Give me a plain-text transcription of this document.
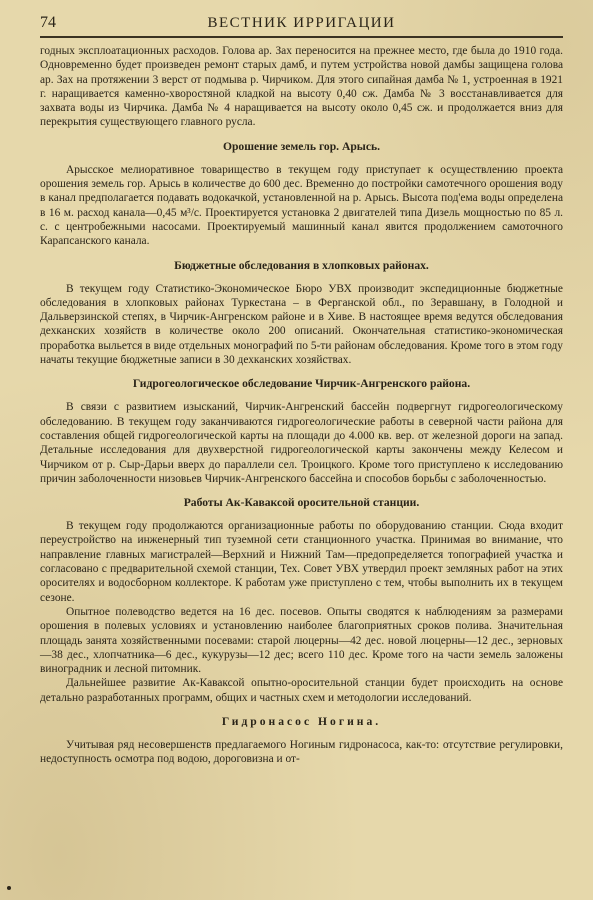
74	ВЕСТНИК ИРРИГАЦИИ

годных эксплоатационных расходов. Голова ар. Зах переносится на прежнее место, где была до 1910 года. Одновременно будет произведен ремонт старых дамб, и путем устройства новой дамбы защищена голова ар. Зах на протяжении 3 верст от подмыва р. Чирчиком. Для этого сипайная дамба № 1, устроенная в 1921 г. наращивается каменно-хворостяной кладкой на высоту 0,40 сж. Дамба № 3 восстанавливается для захвата воды из Чирчика. Дамба № 4 наращивается на высоту около 0,45 сж. и продолжается вниз для перекрытия существующего главного русла.

Орошение земель гор. Арысь.

Арысское мелиоративное товарищество в текущем году приступает к осуществлению проекта орошения земель гор. Арысь в количестве до 600 дес. Временно до постройки самотечного орошения воду в канал предполагается подавать водокачкой, установленной на р. Арысь. Высота под'ема воды определена в 16 м. расход канала—0,45 м³/с. Проектируется установка 2 двигателей типа Дизель мощностью по 85 л. с. с центробежными насосами. Проектируемый машинный канал явится продолжением самоточного Карапсанского канала.

Бюджетные обследования в хлопковых районах.

В текущем году Статистико-Экономическое Бюро УВХ производит экспедиционные бюджетные обследования в хлопковых районах Туркестана – в Ферганской обл., по Зеравшану, в Голодной и Дальверзинской степях, в Чирчик-Ангренском районе и в Хиве. В настоящее время ведутся обследования дехканских хозяйств в количестве около 200 описаний. Окончательная статистико-экономическая проработка выльется в виде отдельных монографий по 5-ти районам обследования. Кроме того в этом году начаты текущие бюджетные записи в 30 дехканских хозяйствах.

Гидрогеологическое обследование Чирчик-Ангренского района.

В связи с развитием изысканий, Чирчик-Ангренский бассейн подвергнут гидрогеологическому обследованию. В текущем году заканчиваются гидрогеологические работы в северной части района для составления общей гидрогеологической карты на площади до 4.000 кв. вер. от железной дороги на запад. Детальные исследования для двухверстной гидрогеологической карты закончены между Келесом и Чирчиком от р. Сыр-Дарьи вверх до параллели сел. Троицкого. Кроме того приступлено к исследованию причин заболоченности низовьев Чирчик-Ангренского бассейна и способов борьбы с заболоченностью.

Работы Ак-Каваксой оросительной станции.

В текущем году продолжаются организационные работы по оборудованию станции. Сюда входит переустройство на инженерный тип туземной сети станционного участка. Принимая во внимание, что направление главных магистралей—Верхний и Нижний Там—предопределяется топографией участка и согласовано с предварительной схемой станции, Тех. Совет УВХ утвердил проект земляных работ на этих оросителях и водосборном коллекторе. К работам уже приступлено с тем, чтобы выполнить их в текущем сезоне.

Опытное полеводство ведется на 16 дес. посевов. Опыты сводятся к наблюдениям за размерами орошения в полевых условиях и установлению наиболее благоприятных сроков полива. Значительная площадь занята хозяйственными посевами: старой люцерны—42 дес. новой люцерны—12 дес., зерновых—38 дес., хлопчатника—6 дес., кукурузы—12 дес; всего 110 дес. Кроме того на части земель заложены виноградник и лесной питомник.

Дальнейшее развитие Ак-Каваксой опытно-оросительной станции будет происходить на основе детально разработанных программ, общих и частных схем и методологии исследований.

Гидронасос Ногина.

Учитывая ряд несовершенств предлагаемого Ногиным гидронасоса, как-то: отсутствие регулировки, недоступность осмотра под водою, дороговизна и от-
